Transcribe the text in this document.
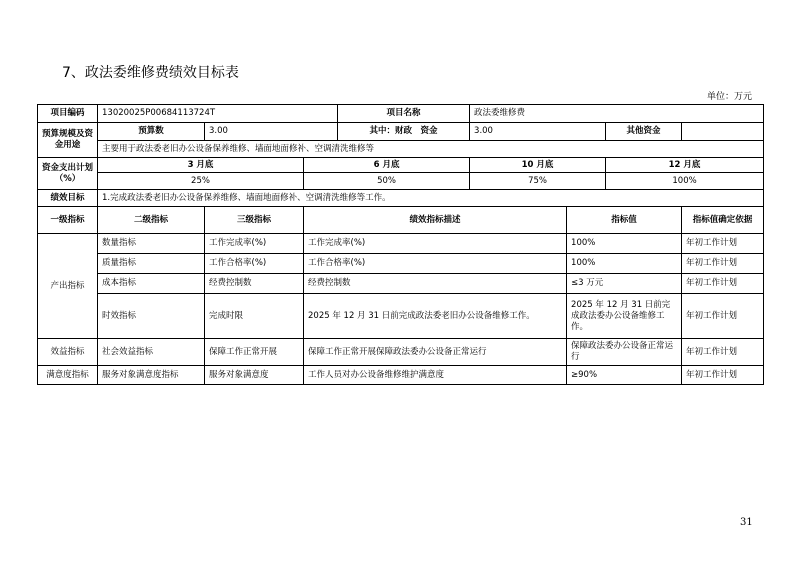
7、政法委维修费绩效目标表
单位：万元
项目编码	13020025P00684113724T			项目名称	政法委维修费			
预算规模及资金用途	预算数	3.00		其中：财政　资金	3.00		其他资金	
	主要用于政法委老旧办公设备保养维修、墙面地面修补、空调清洗维修等							
资金支出计划（%）	3 月底		6 月底		10 月底		12 月底	
	25%		50%		75%		100%	
绩效目标	1.完成政法委老旧办公设备保养维修、墙面地面修补、空调清洗维修等工作。							
一级指标	二级指标	三级指标	绩效指标描述			指标值		指标值确定依据
产出指标	数量指标	工作完成率(%)	工作完成率(%)			100%		年初工作计划
	质量指标	工作合格率(%)	工作合格率(%)			100%		年初工作计划
	成本指标	经费控制数	经费控制数			≤3 万元		年初工作计划
	时效指标	完成时限	2025 年 12 月 31 日前完成政法委老旧办公设备维修工作。			2025 年 12 月 31 日前完成政法委办公设备维修工作。		年初工作计划
效益指标	社会效益指标	保障工作正常开展	保障工作正常开展保障政法委办公设备正常运行			保障政法委办公设备正常运行		年初工作计划
满意度指标	服务对象满意度指标	服务对象满意度	工作人员对办公设备维修维护满意度			≥90%		年初工作计划
31
